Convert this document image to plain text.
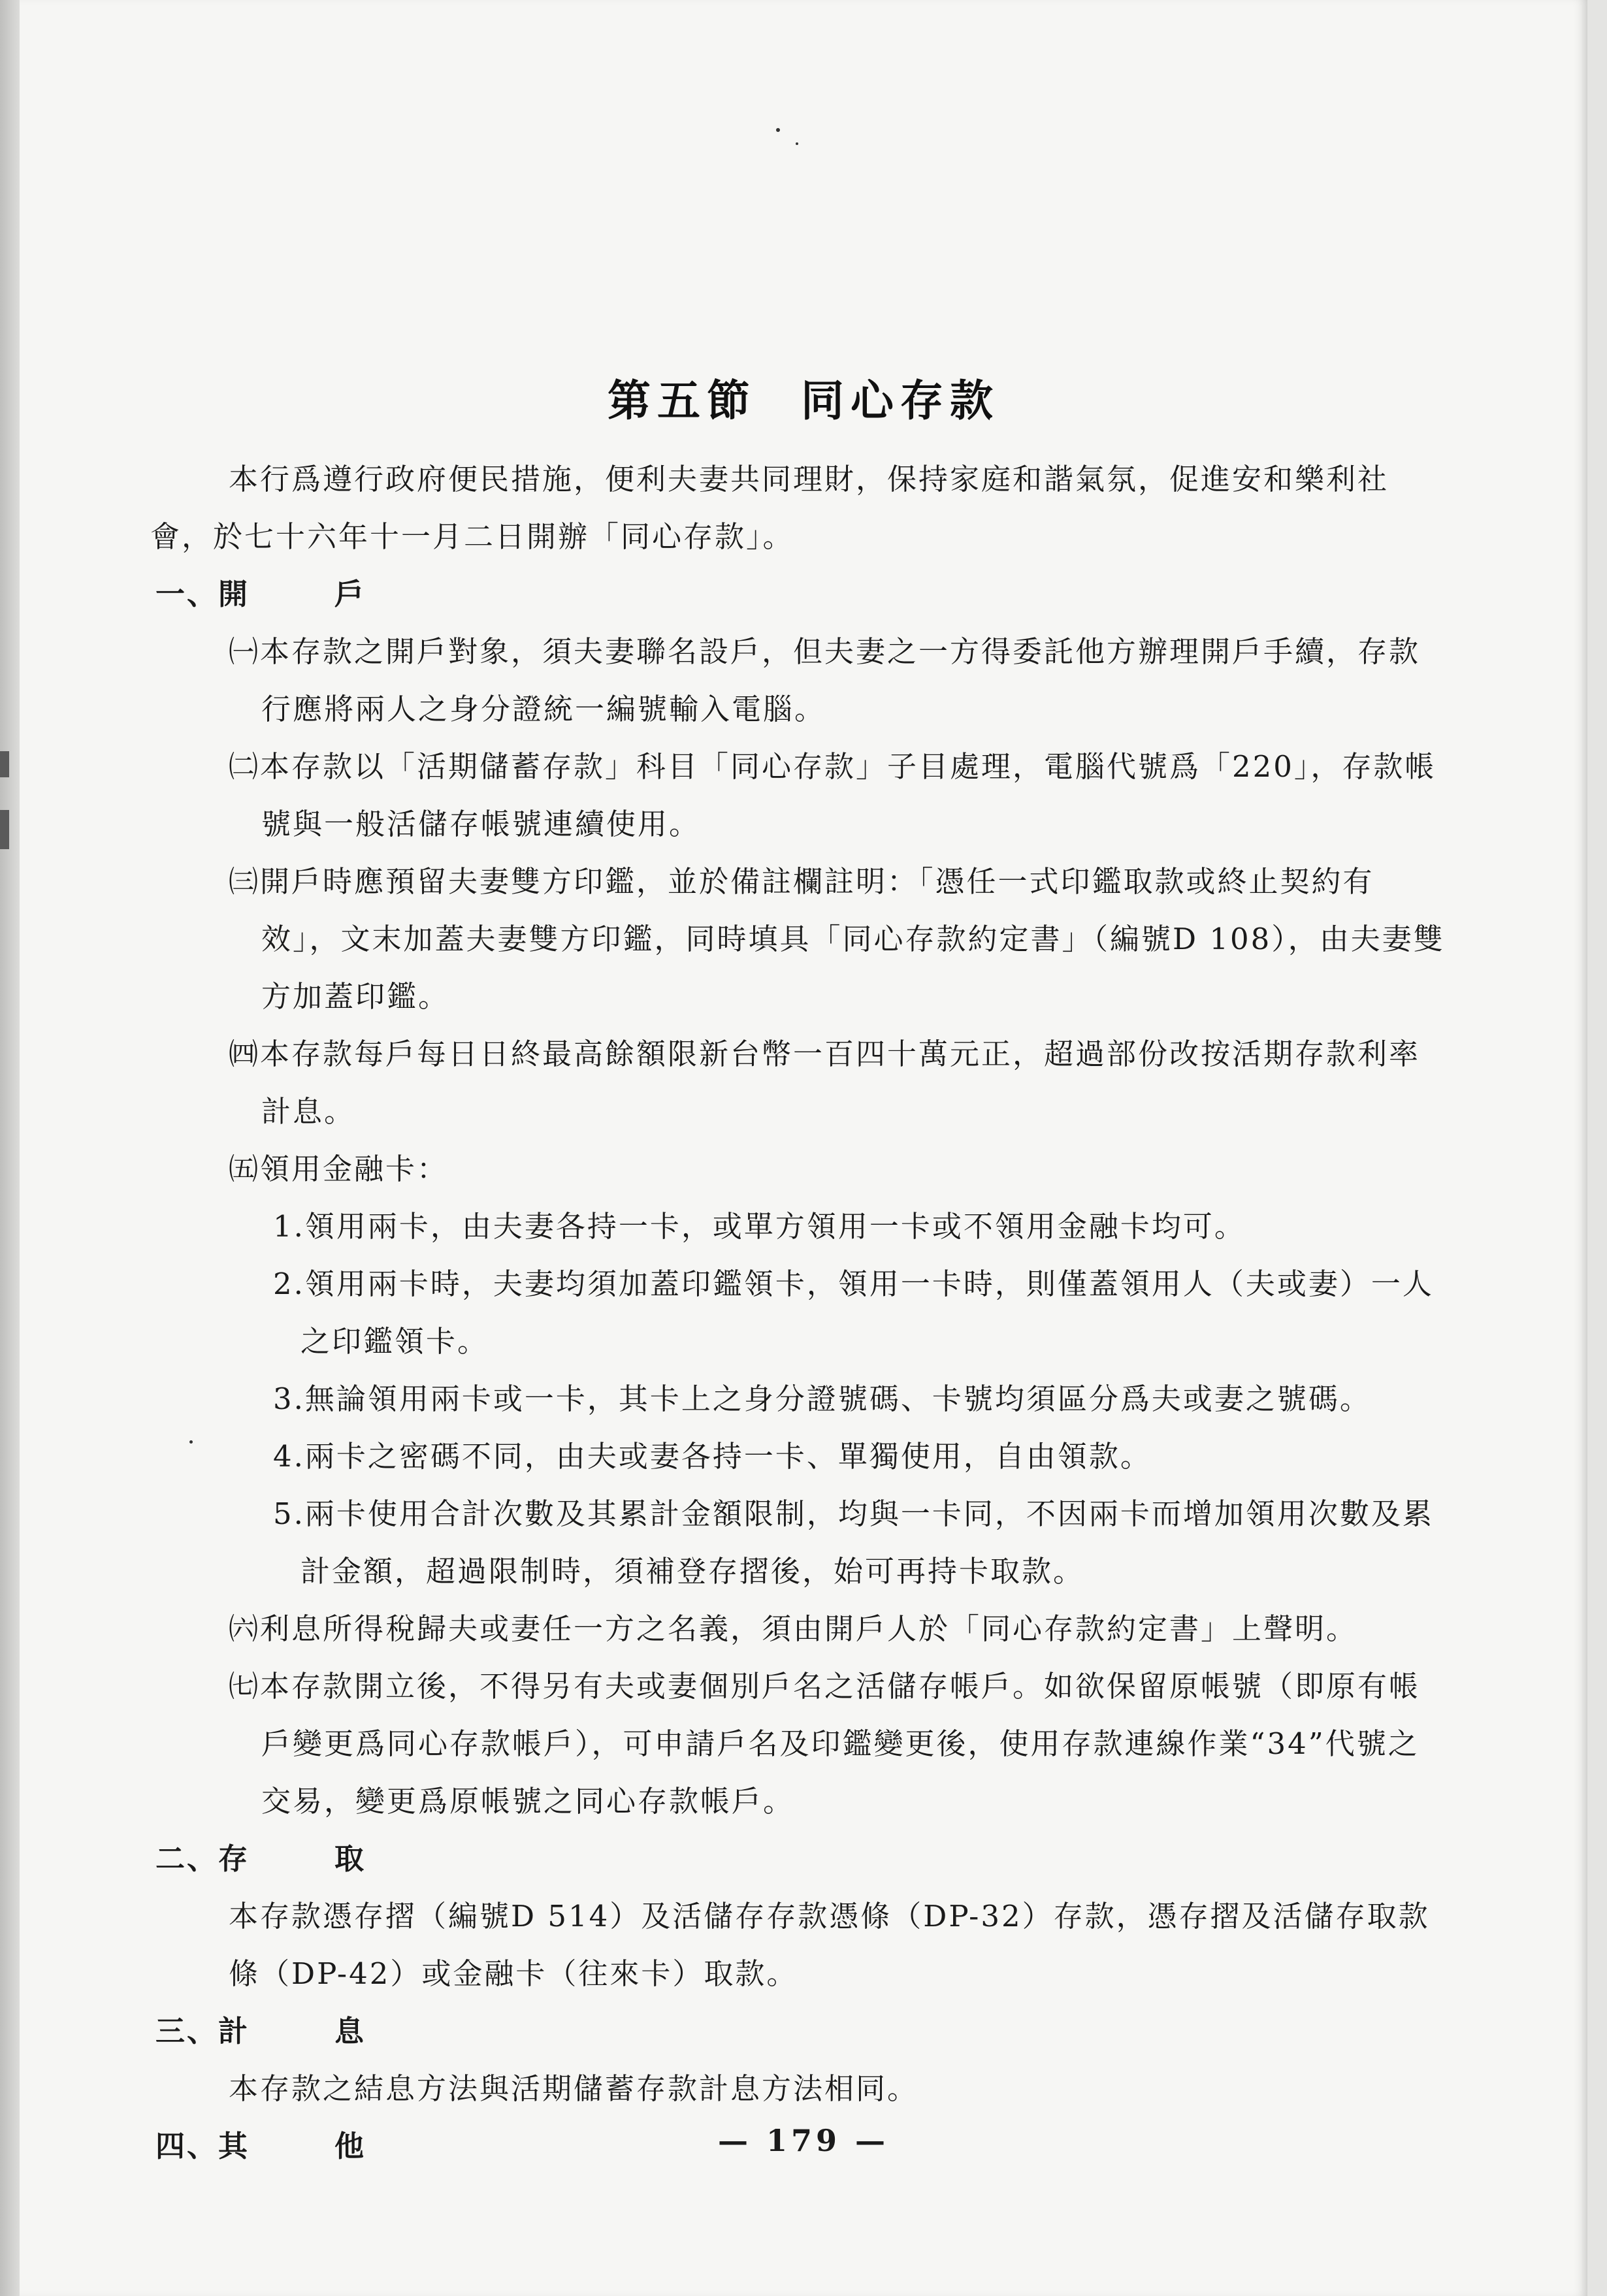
第五節 同心存款

本行爲遵行政府便民措施，便利夫妻共同理財，保持家庭和諧氣氛，促進安和樂利社會，於七十六年十一月二日開辦「同心存款」。

一、開	戶

㈠本存款之開戶對象，須夫妻聯名設戶，但夫妻之一方得委託他方辦理開戶手續，存款行應將兩人之身分證統一編號輸入電腦。

㈡本存款以「活期儲蓄存款」科目「同心存款」子目處理，電腦代號爲「220」，存款帳號與一般活儲存帳號連續使用。

㈢開戶時應預留夫妻雙方印鑑，並於備註欄註明：「憑任一式印鑑取款或終止契約有效」，文末加蓋夫妻雙方印鑑，同時填具「同心存款約定書」（編號D 108），由夫妻雙方加蓋印鑑。

㈣本存款每戶每日日終最高餘額限新台幣一百四十萬元正，超過部份改按活期存款利率計息。

㈤領用金融卡：

1.領用兩卡，由夫妻各持一卡，或單方領用一卡或不領用金融卡均可。

2.領用兩卡時，夫妻均須加蓋印鑑領卡，領用一卡時，則僅蓋領用人（夫或妻）一人之印鑑領卡。

3.無論領用兩卡或一卡，其卡上之身分證號碼、卡號均須區分爲夫或妻之號碼。

4.兩卡之密碼不同，由夫或妻各持一卡、單獨使用，自由領款。

5.兩卡使用合計次數及其累計金額限制，均與一卡同，不因兩卡而增加領用次數及累計金額，超過限制時，須補登存摺後，始可再持卡取款。

㈥利息所得稅歸夫或妻任一方之名義，須由開戶人於「同心存款約定書」上聲明。

㈦本存款開立後，不得另有夫或妻個別戶名之活儲存帳戶。如欲保留原帳號（即原有帳戶變更爲同心存款帳戶），可申請戶名及印鑑變更後，使用存款連線作業“34”代號之交易，變更爲原帳號之同心存款帳戶。

二、存	取

本存款憑存摺（編號D 514）及活儲存存款憑條（DP-32）存款，憑存摺及活儲存取款條（DP-42）或金融卡（往來卡）取款。

三、計	息

本存款之結息方法與活期儲蓄存款計息方法相同。

四、其	他	— 179 —
